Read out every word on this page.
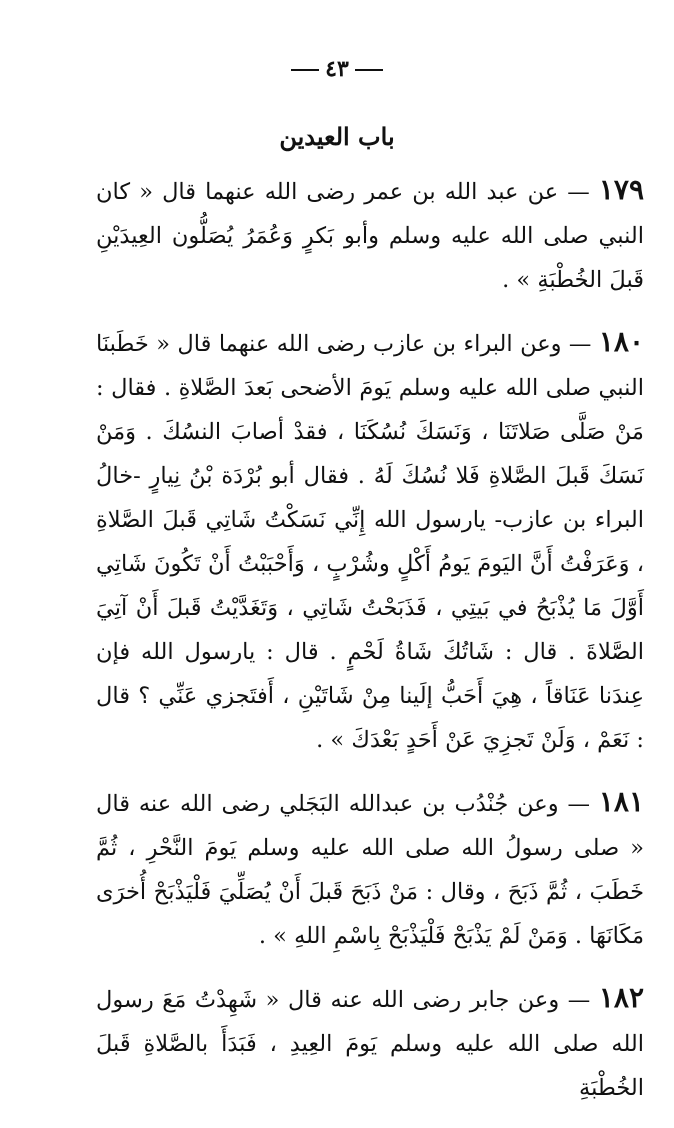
٤٣
باب العيدين

١٧٩ — عن عبد الله بن عمر رضى الله عنهما قال « كان النبي صلى الله عليه وسلم وأبو بَكرٍ وَعُمَرُ يُصَلُّون العِيدَيْنِ قَبلَ الخُطْبَةِ » .

١٨٠ — وعن البراء بن عازب رضى الله عنهما قال « خَطَبنَا النبي صلى الله عليه وسلم يَومَ الأضحى بَعدَ الصَّلاةِ . فقال : مَنْ صَلَّى صَلاتَنَا ، وَنَسَكَ نُسُكَنَا ، فقدْ أصابَ النسُكَ . وَمَنْ نَسَكَ قَبلَ الصَّلاةِ فَلا نُسُكَ لَهُ . فقال أبو بُرْدَة بْنُ نِيارٍ -خالُ البراء بن عازب- يارسول الله إِنِّي نَسَكْتُ شَاتِي قَبلَ الصَّلاةِ ، وَعَرَفْتُ أَنَّ اليَومَ يَومُ أَكْلٍ وشُرْبٍ ، وَأَحْبَبْتُ أَنْ تَكُونَ شَاتِي أَوَّلَ مَا يُذْبَحُ في بَيتِي ، فَذَبَحْتُ شَاتِي ، وَتَغَدَّيْتُ قَبلَ أَنْ آتِيَ الصَّلاةَ . قال : شَاتُكَ شَاةُ لَحْمٍ . قال : يارسول الله فإن عِندَنا عَنَاقاً ، هِيَ أَحَبُّ إلَينا مِنْ شَاتَيْنِ ، أَفتَجزي عَنِّي ؟ قال : نَعَمْ ، وَلَنْ تَجزِيَ عَنْ أَحَدٍ بَعْدَكَ » .

١٨١ — وعن جُنْدُب بن عبدالله البَجَلي رضى الله عنه قال « صلى رسولُ الله صلى الله عليه وسلم يَومَ النَّحْرِ ، ثُمَّ خَطَبَ ، ثُمَّ ذَبَحَ ، وقال : مَنْ ذَبَحَ قَبلَ أَنْ يُصَلِّيَ فَلْيَذْبَحْ أُخرَى مَكَانَهَا . وَمَنْ لَمْ يَذْبَحْ فَلْيَذْبَحْ بِاسْمِ اللهِ » .

١٨٢ — وعن جابر رضى الله عنه قال « شَهِدْتُ مَعَ رسول الله صلى الله عليه وسلم يَومَ العِيدِ ، فَبَدَأَ بالصَّلاةِ قَبلَ الخُطْبَةِ
